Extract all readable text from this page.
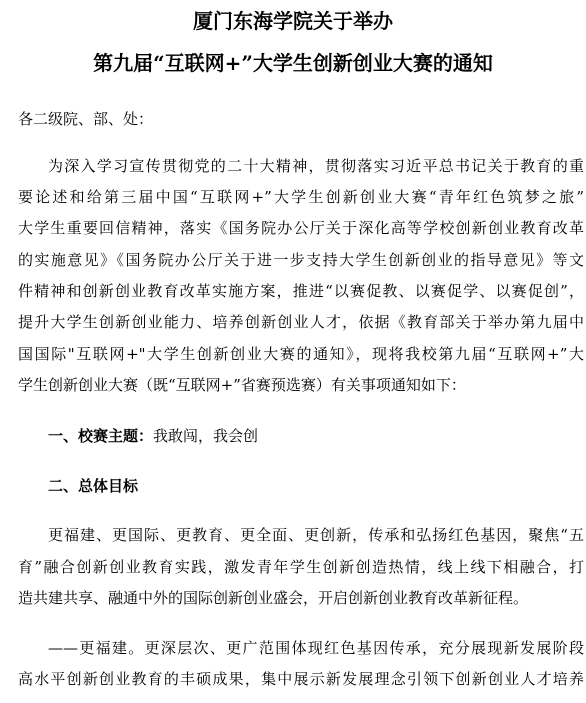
厦门东海学院关于举办
第九届“互联网+”大学生创新创业大赛的通知
各二级院、部、处：
为深入学习宣传贯彻党的二十大精神，贯彻落实习近平总书记关于教育的重
要论述和给第三届中国“互联网+”大学生创新创业大赛“青年红色筑梦之旅”
大学生重要回信精神，落实《国务院办公厅关于深化高等学校创新创业教育改革
的实施意见》《国务院办公厅关于进一步支持大学生创新创业的指导意见》等文
件精神和创新创业教育改革实施方案，推进“以赛促教、以赛促学、以赛促创”，
提升大学生创新创业能力、培养创新创业人才，依据《教育部关于举办第九届中
国国际"互联网+"大学生创新创业大赛的通知》，现将我校第九届“互联网+”大
学生创新创业大赛（既“互联网+”省赛预选赛）有关事项通知如下：
一、校赛主题：我敢闯，我会创
二、总体目标
更福建、更国际、更教育、更全面、更创新，传承和弘扬红色基因，聚焦“五
育”融合创新创业教育实践，激发青年学生创新创造热情，线上线下相融合，打
造共建共享、融通中外的国际创新创业盛会，开启创新创业教育改革新征程。
——更福建。更深层次、更广范围体现红色基因传承，充分展现新发展阶段
高水平创新创业教育的丰硕成果，集中展示新发展理念引领下创新创业人才培养
